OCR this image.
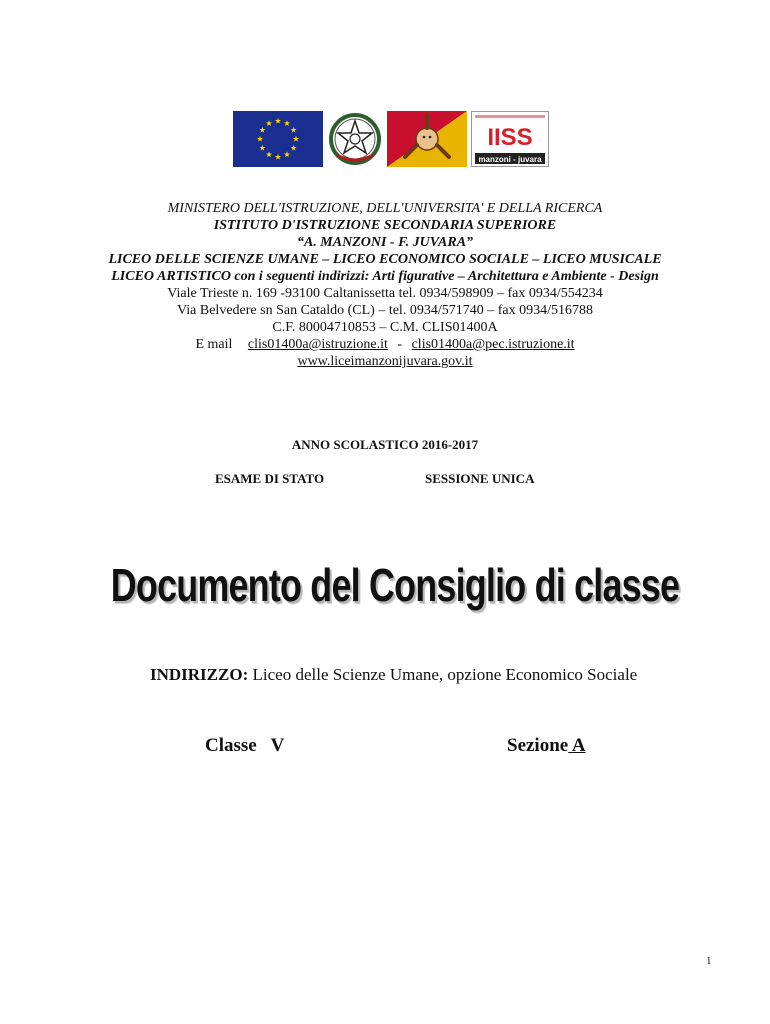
IISS
manzoni - juvara
MINISTERO DELL'ISTRUZIONE, DELL'UNIVERSITA' E DELLA RICERCA
ISTITUTO D'ISTRUZIONE SECONDARIA SUPERIORE
“A. MANZONI - F. JUVARA”
LICEO DELLE SCIENZE UMANE – LICEO ECONOMICO SOCIALE – LICEO MUSICALE
LICEO ARTISTICO con i seguenti indirizzi: Arti figurative – Architettura e Ambiente - Design
Viale Trieste n. 169 -93100 Caltanissetta tel. 0934/598909 – fax 0934/554234
Via Belvedere sn San Cataldo (CL) – tel. 0934/571740 – fax 0934/516788
C.F. 80004710853 – C.M. CLIS01400A
E mail clis01400a@istruzione.it - clis01400a@pec.istruzione.it
www.liceimanzonijuvara.gov.it
ANNO SCOLASTICO 2016-2017
ESAME DI STATO	SESSIONE UNICA
Documento del Consiglio di classe
INDIRIZZO: Liceo delle Scienze Umane, opzione Economico Sociale
Classe   V	Sezione A
1
